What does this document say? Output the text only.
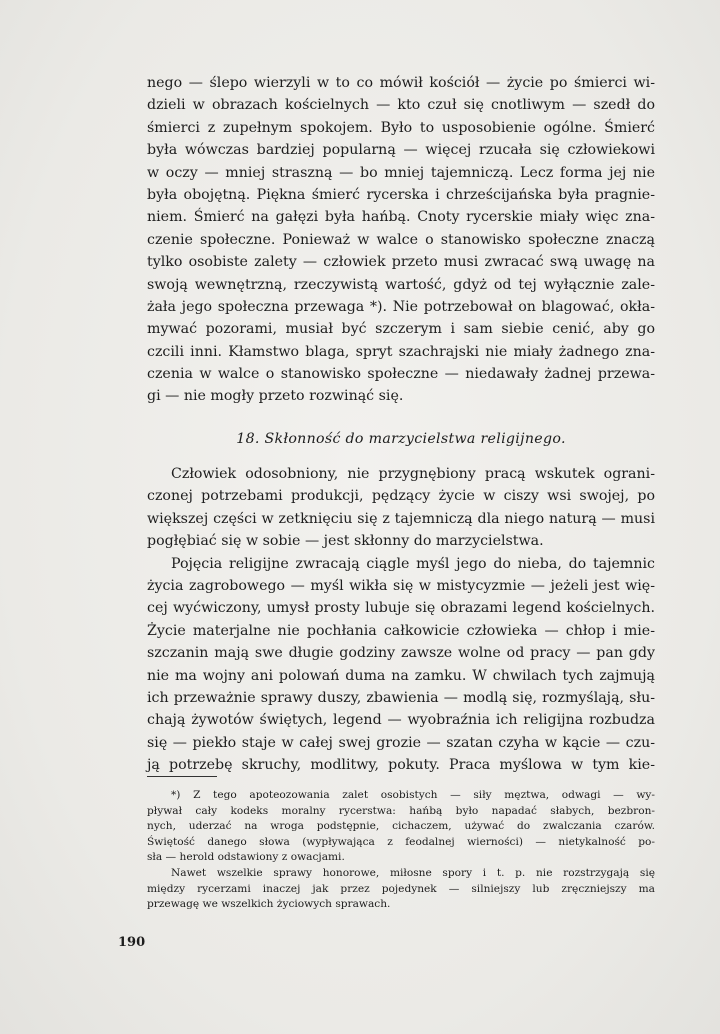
nego — ślepo wierzyli w to co mówił kościół — życie po śmierci wi-
dzieli w obrazach kościelnych — kto czuł się cnotliwym — szedł do
śmierci z zupełnym spokojem. Było to usposobienie ogólne. Śmierć
była wówczas bardziej popularną — więcej rzucała się człowiekowi
w oczy — mniej straszną — bo mniej tajemniczą. Lecz forma jej nie
była obojętną. Piękna śmierć rycerska i chrześcijańska była pragnie-
niem. Śmierć na gałęzi była hańbą. Cnoty rycerskie miały więc zna-
czenie społeczne. Ponieważ w walce o stanowisko społeczne znaczą
tylko osobiste zalety — człowiek przeto musi zwracać swą uwagę na
swoją wewnętrzną, rzeczywistą wartość, gdyż od tej wyłącznie zale-
żała jego społeczna przewaga *). Nie potrzebował on blagować, okła-
mywać pozorami, musiał być szczerym i sam siebie cenić, aby go
czcili inni. Kłamstwo blaga, spryt szachrajski nie miały żadnego zna-
czenia w walce o stanowisko społeczne — niedawały żadnej przewa-
gi — nie mogły przeto rozwinąć się.
18. Skłonność do marzycielstwa religijnego.
Człowiek odosobniony, nie przygnębiony pracą wskutek ograni-
czonej potrzebami produkcji, pędzący życie w ciszy wsi swojej, po
większej części w zetknięciu się z tajemniczą dla niego naturą — musi
pogłębiać się w sobie — jest skłonny do marzycielstwa.
Pojęcia religijne zwracają ciągle myśl jego do nieba, do tajemnic
życia zagrobowego — myśl wikła się w mistycyzmie — jeżeli jest wię-
cej wyćwiczony, umysł prosty lubuje się obrazami legend kościelnych.
Życie materjalne nie pochłania całkowicie człowieka — chłop i mie-
szczanin mają swe długie godziny zawsze wolne od pracy — pan gdy
nie ma wojny ani polowań duma na zamku. W chwilach tych zajmują
ich przeważnie sprawy duszy, zbawienia — modlą się, rozmyślają, słu-
chają żywotów świętych, legend — wyobraźnia ich religijna rozbudza
się — piekło staje w całej swej grozie — szatan czyha w kącie — czu-
ją potrzebę skruchy, modlitwy, pokuty. Praca myślowa w tym kie-
*) Z tego apoteozowania zalet osobistych — siły męztwa, odwagi — wy-
pływał cały kodeks moralny rycerstwa: hańbą było napadać słabych, bezbron-
nych, uderzać na wroga podstępnie, cichaczem, używać do zwalczania czarów.
Świętość danego słowa (wypływająca z feodalnej wierności) — nietykalność po-
sła — herold odstawiony z owacjami.
Nawet wszelkie sprawy honorowe, miłosne spory i t. p. nie rozstrzygają się
między rycerzami inaczej jak przez pojedynek — silniejszy lub zręczniejszy ma
przewagę we wszelkich życiowych sprawach.
190
